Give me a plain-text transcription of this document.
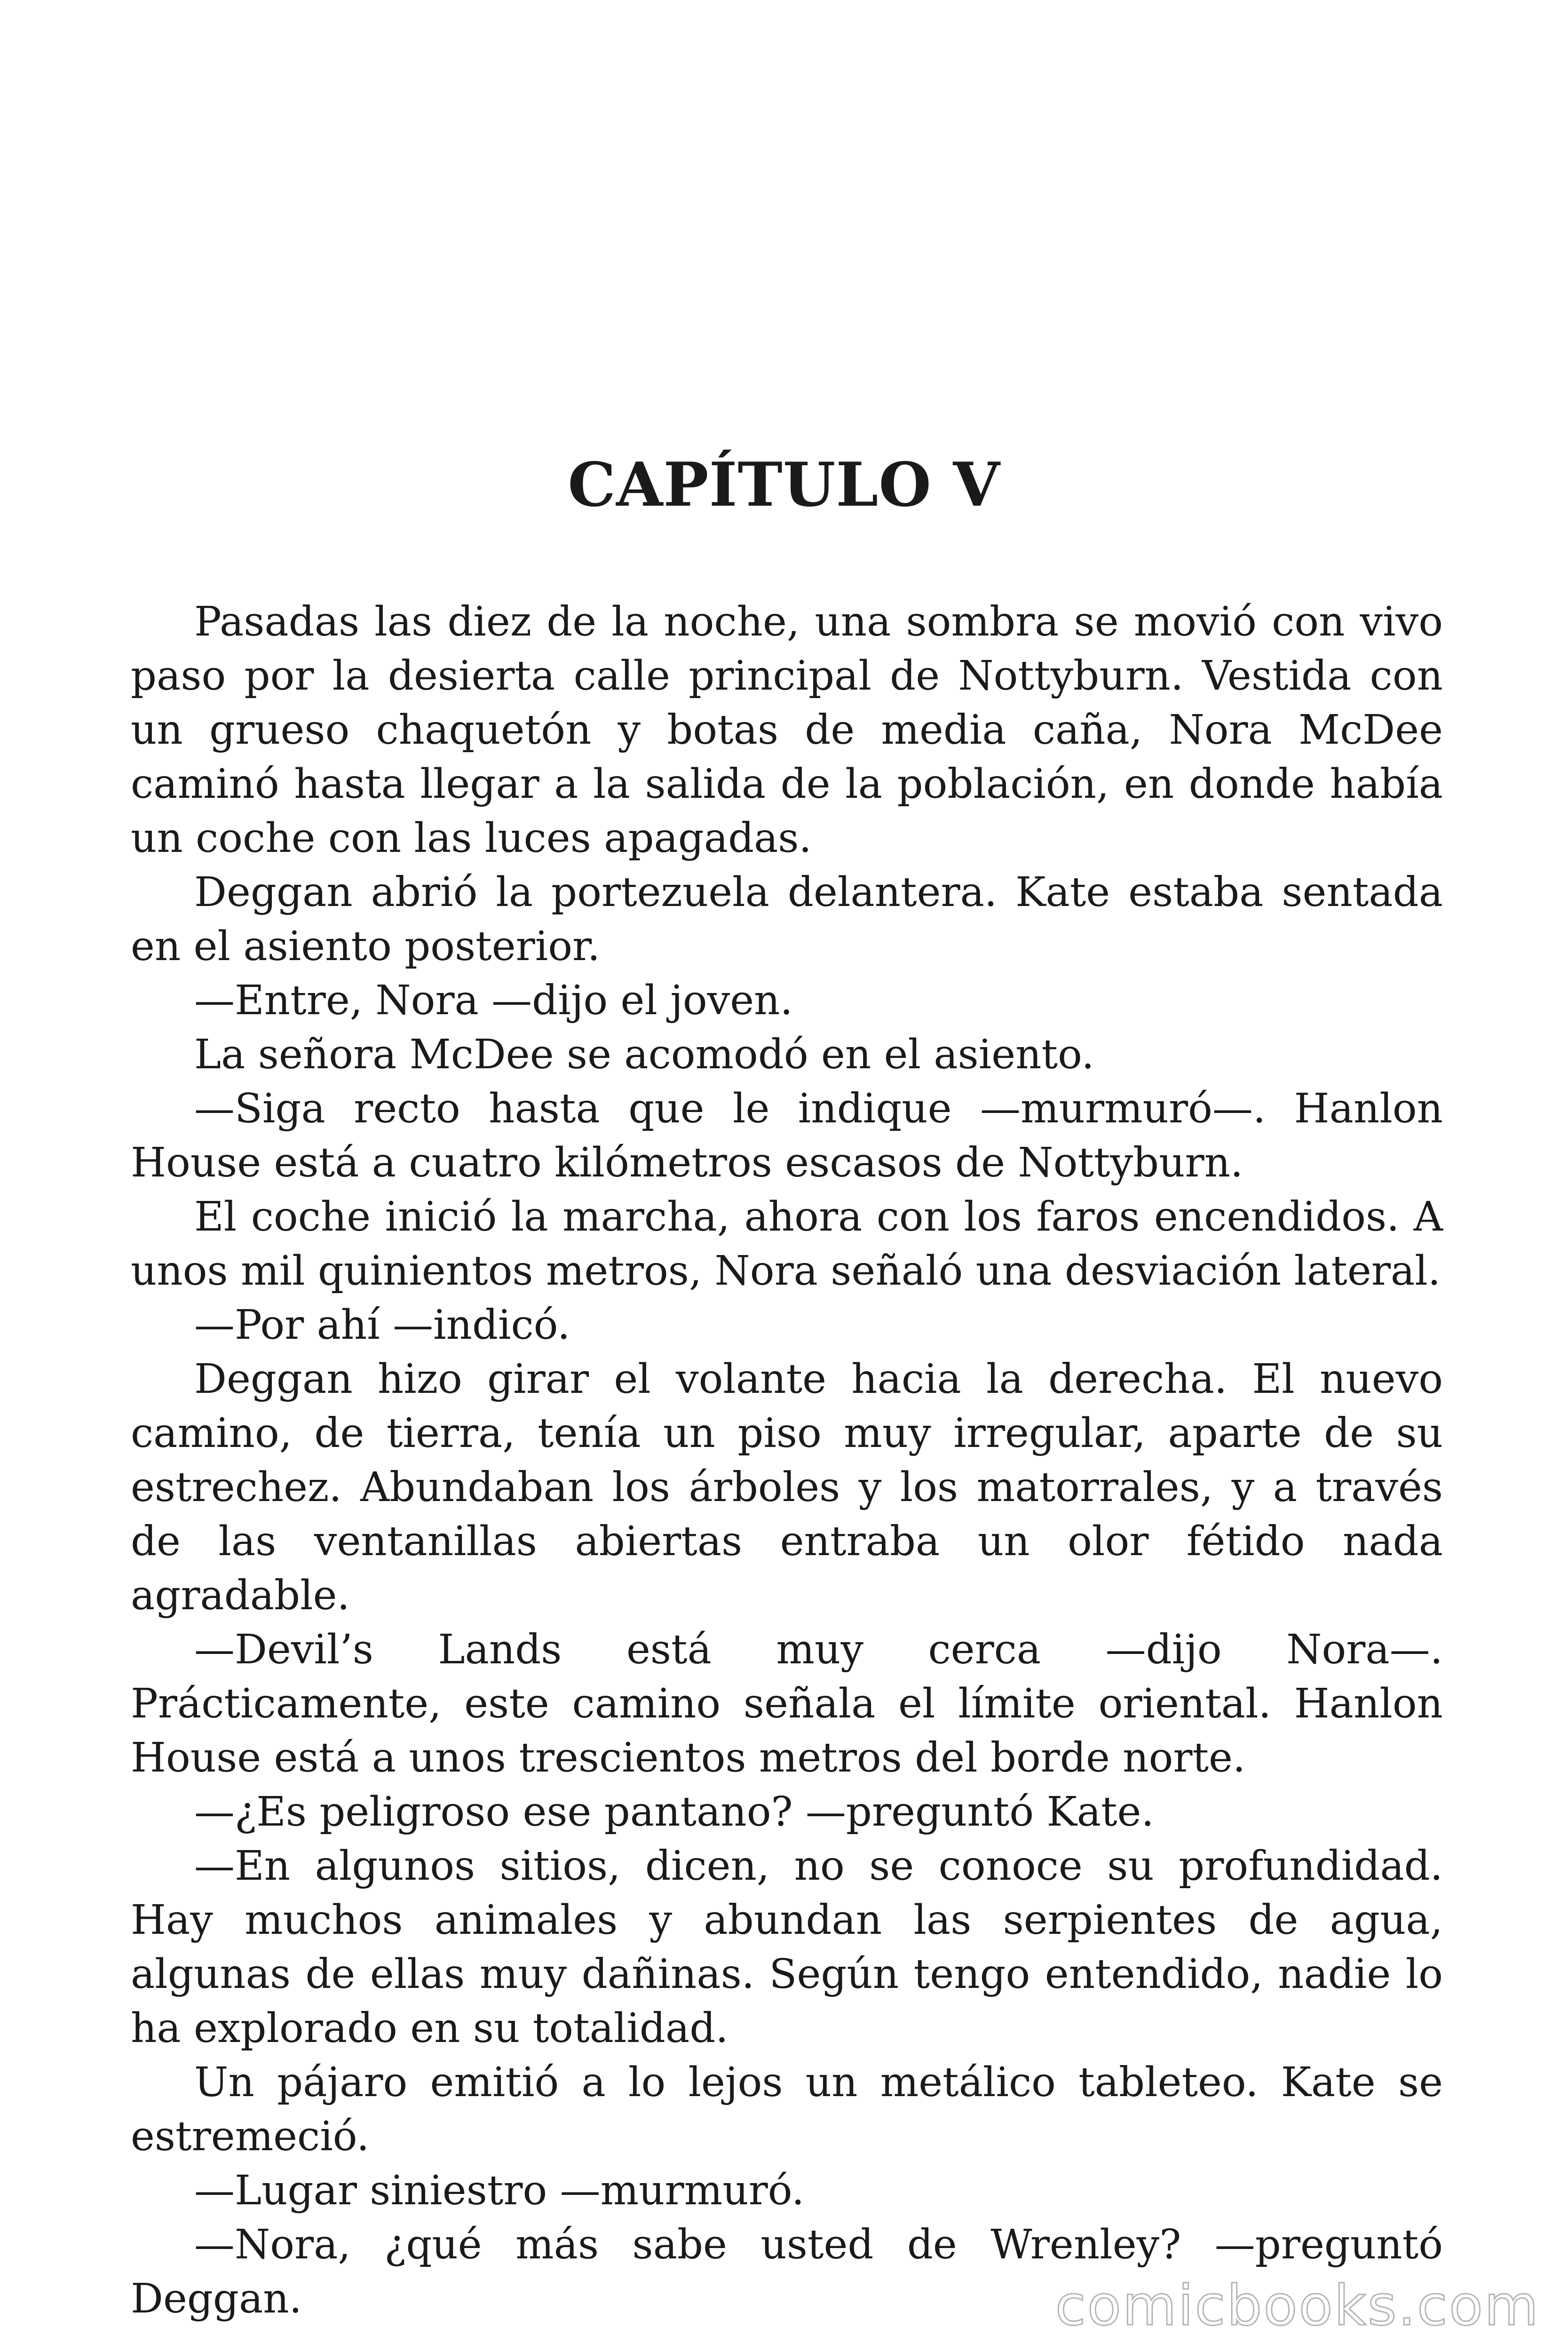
CAPÍTULO V

Pasadas las diez de la noche, una sombra se movió con vivo paso por la desierta calle principal de Nottyburn. Vestida con un grueso chaquetón y botas de media caña, Nora McDee caminó hasta llegar a la salida de la población, en donde había un coche con las luces apagadas.

Deggan abrió la portezuela delantera. Kate estaba sentada en el asiento posterior.

—Entre, Nora —dijo el joven.

La señora McDee se acomodó en el asiento.

—Siga recto hasta que le indique —murmuró—. Hanlon House está a cuatro kilómetros escasos de Nottyburn.

El coche inició la marcha, ahora con los faros encendidos. A unos mil quinientos metros, Nora señaló una desviación lateral.

—Por ahí —indicó.

Deggan hizo girar el volante hacia la derecha. El nuevo camino, de tierra, tenía un piso muy irregular, aparte de su estrechez. Abundaban los árboles y los matorrales, y a través de las ventanillas abiertas entraba un olor fétido nada agradable.

—Devil’s Lands está muy cerca —dijo Nora—. Prácticamente, este camino señala el límite oriental. Hanlon House está a unos trescientos metros del borde norte.

—¿Es peligroso ese pantano? —preguntó Kate.

—En algunos sitios, dicen, no se conoce su profundidad. Hay muchos animales y abundan las serpientes de agua, algunas de ellas muy dañinas. Según tengo entendido, nadie lo ha explorado en su totalidad.

Un pájaro emitió a lo lejos un metálico tableteo. Kate se estremeció.

—Lugar siniestro —murmuró.

—Nora, ¿qué más sabe usted de Wrenley? —preguntó Deggan.	comicbooks.com
